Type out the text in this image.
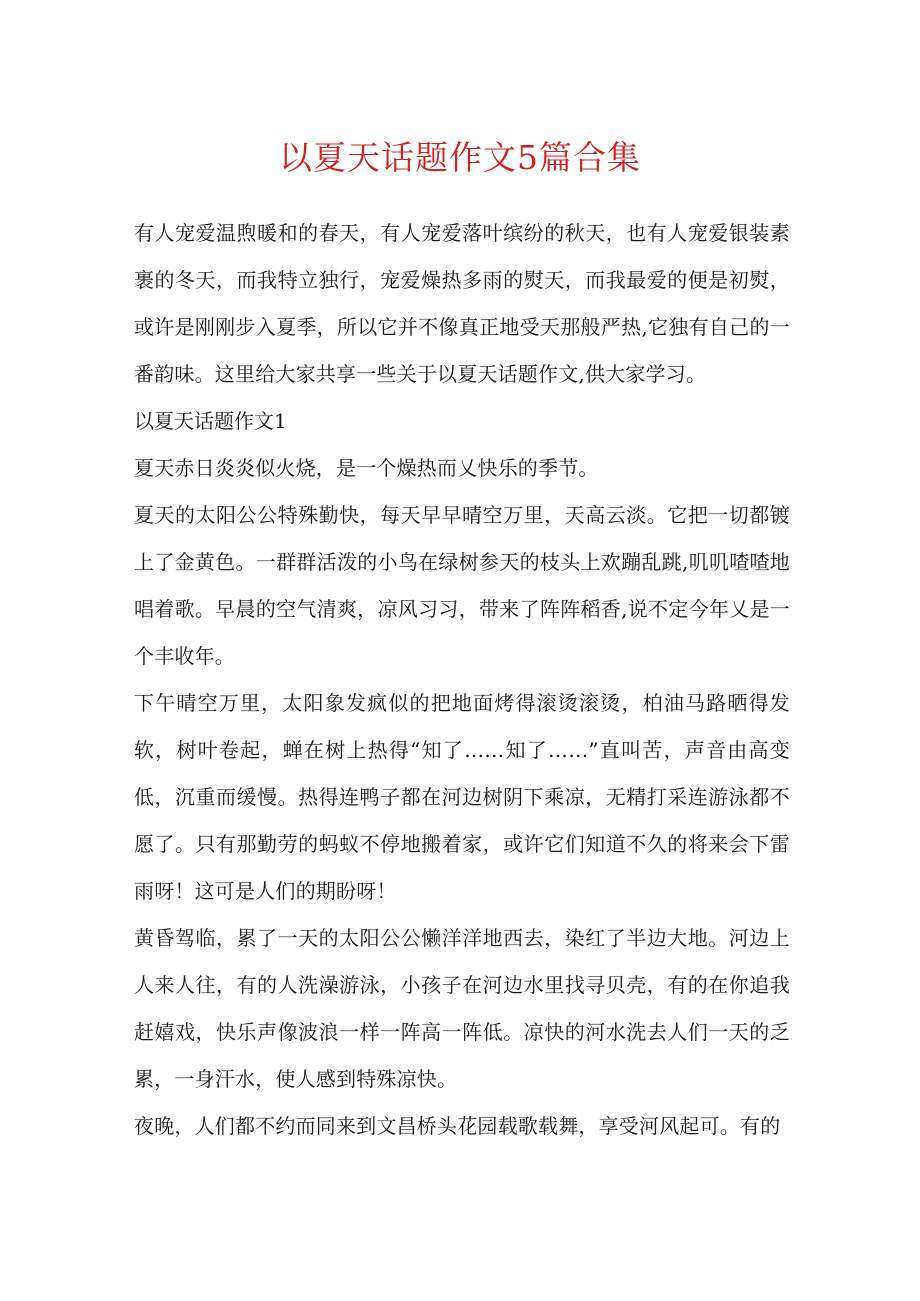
以夏天话题作文5篇合集

有人宠爱温煦暖和的春天，有人宠爱落叶缤纷的秋天，也有人宠爱银装素裹的冬天，而我特立独行，宠爱燥热多雨的熨天，而我最爱的便是初熨，或许是刚刚步入夏季，所以它并不像真正地受天那般严热,它独有自己的一番韵味。这里给大家共享一些关于以夏天话题作文,供大家学习。

以夏天话题作文1

夏天赤日炎炎似火烧，是一个燥热而乂快乐的季节。

夏天的太阳公公特殊勤快，每天早早晴空万里，天高云淡。它把一切都镀上了金黄色。一群群活泼的小鸟在绿树参天的枝头上欢蹦乱跳,叽叽喳喳地唱着歌。早晨的空气清爽，凉风习习，带来了阵阵稻香,说不定今年乂是一个丰收年。

下午晴空万里，太阳象发疯似的把地面烤得滚烫滚烫，柏油马路晒得发软，树叶卷起，蝉在树上热得“知了……知了……”直叫苦，声音由高变低，沉重而缓慢。热得连鸭子都在河边树阴下乘凉，无精打采连游泳都不愿了。只有那勤劳的蚂蚁不停地搬着家，或许它们知道不久的将来会下雷雨呀！这可是人们的期盼呀！

黄昏驾临，累了一天的太阳公公懒洋洋地西去，染红了半边大地。河边上人来人往，有的人洗澡游泳，小孩子在河边水里找寻贝壳，有的在你追我赶嬉戏，快乐声像波浪一样一阵高一阵低。凉快的河水洗去人们一天的乏累，一身汗水，使人感到特殊凉快。

夜晚，人们都不约而同来到文昌桥头花园载歌载舞，享受河风起可。有的
